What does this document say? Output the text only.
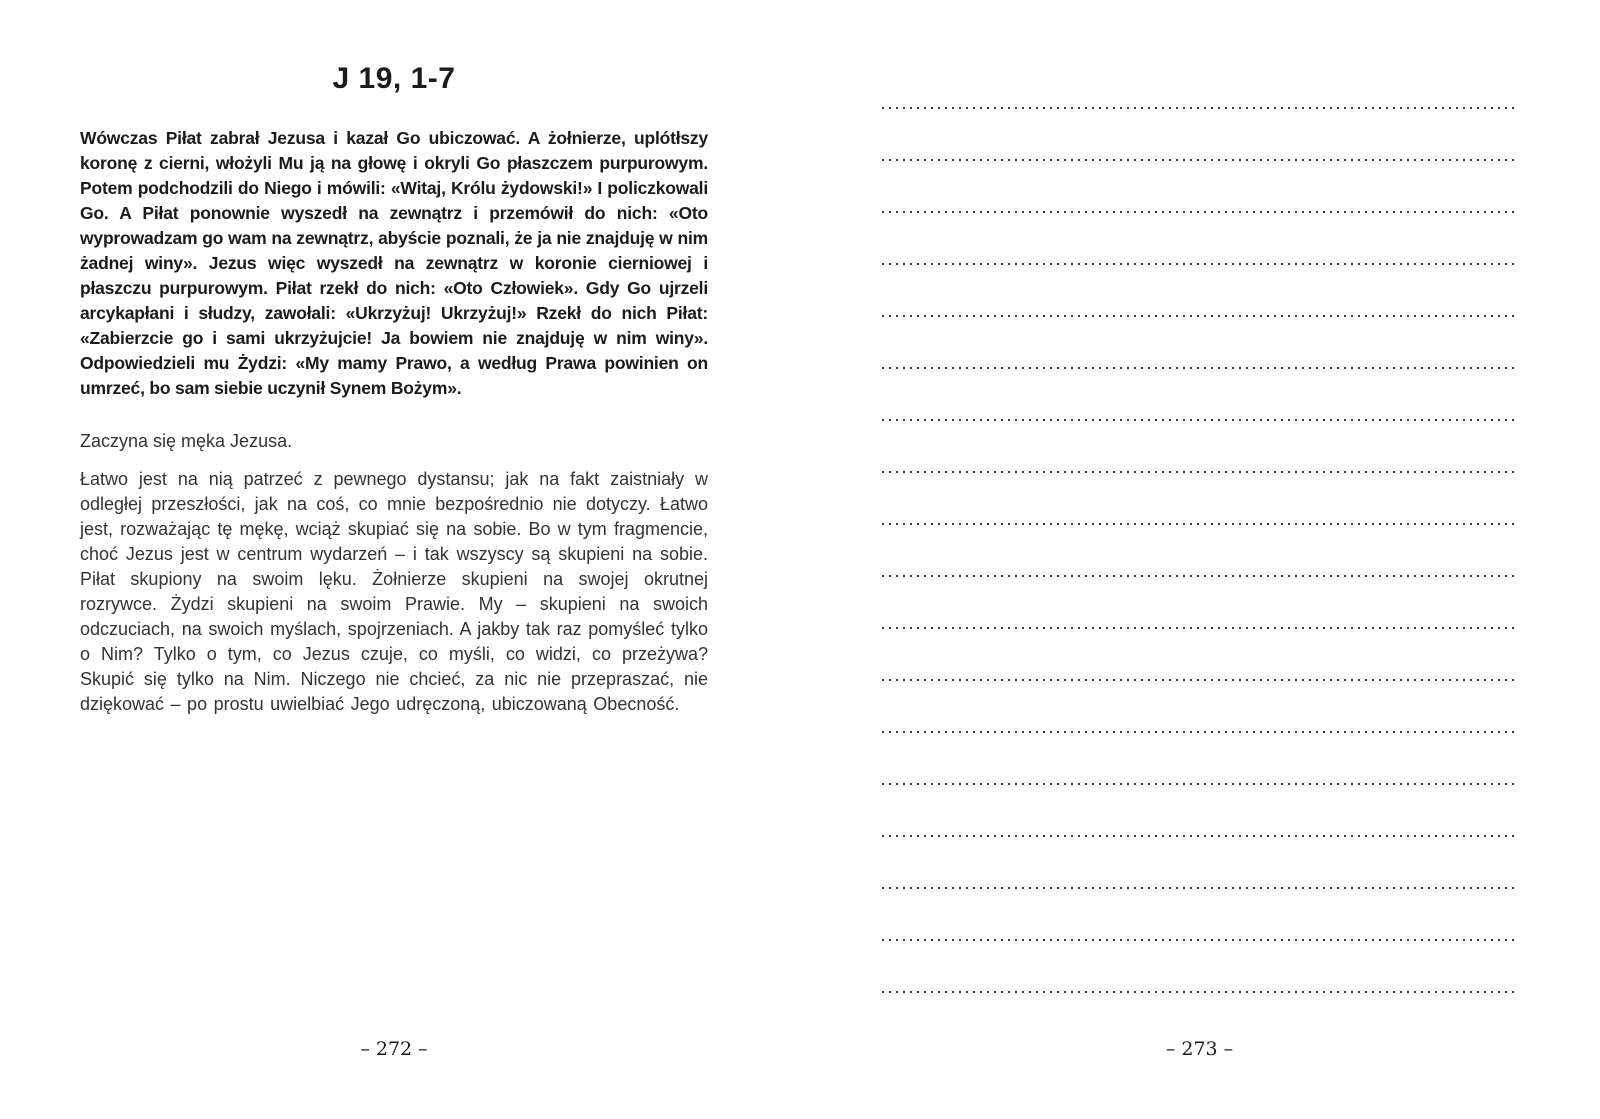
J 19, 1-7
Wówczas Piłat zabrał Jezusa i kazał Go ubiczować. A żołnierze, uplótłszy koronę z cierni, włożyli Mu ją na głowę i okryli Go płaszczem purpurowym. Potem podchodzili do Niego i mówili: «Witaj, Królu żydowski!» I policzkowali Go. A Piłat ponownie wyszedł na zewnątrz i przemówił do nich: «Oto wyprowadzam go wam na zewnątrz, abyście poznali, że ja nie znajduję w nim żadnej winy». Jezus więc wyszedł na zewnątrz w koronie cierniowej i płaszczu purpurowym. Piłat rzekł do nich: «Oto Człowiek». Gdy Go ujrzeli arcykapłani i słudzy, zawołali: «Ukrzyżuj! Ukrzyżuj!» Rzekł do nich Piłat: «Zabierzcie go i sami ukrzyżujcie! Ja bowiem nie znajduję w nim winy». Odpowiedzieli mu Żydzi: «My mamy Prawo, a według Prawa powinien on umrzeć, bo sam siebie uczynił Synem Bożym».
Zaczyna się męka Jezusa.
Łatwo jest na nią patrzeć z pewnego dystansu; jak na fakt zaistniały w odległej przeszłości, jak na coś, co mnie bezpośrednio nie dotyczy. Łatwo jest, rozważając tę mękę, wciąż skupiać się na sobie. Bo w tym fragmencie, choć Jezus jest w centrum wydarzeń – i tak wszyscy są skupieni na sobie. Piłat skupiony na swoim lęku. Żołnierze skupieni na swojej okrutnej rozrywce. Żydzi skupieni na swoim Prawie. My – skupieni na swoich odczuciach, na swoich myślach, spojrzeniach. A jakby tak raz pomyśleć tylko o Nim? Tylko o tym, co Jezus czuje, co myśli, co widzi, co przeżywa? Skupić się tylko na Nim. Niczego nie chcieć, za nic nie przepraszać, nie dziękować – po prostu uwielbiać Jego udręczoną, ubiczowaną Obecność.
– 272 –	– 273 –
